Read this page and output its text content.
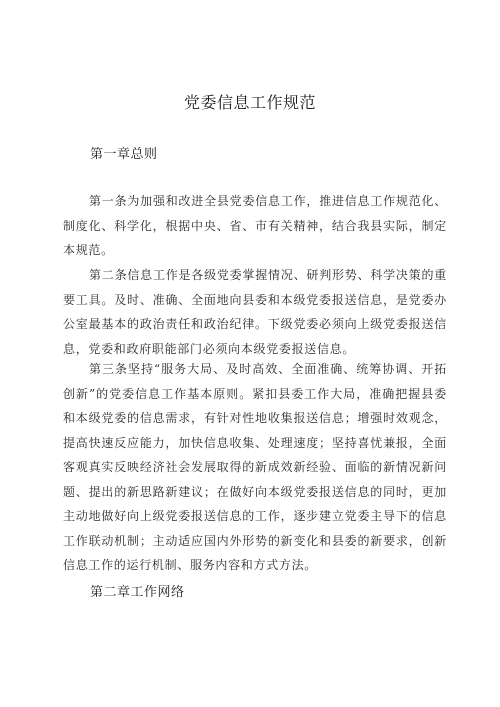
党委信息工作规范
第一章总则

第一条为加强和改进全县党委信息工作，推进信息工作规范化、制度化、科学化，根据中央、省、市有关精神，结合我县实际，制定本规范。

第二条信息工作是各级党委掌握情况、研判形势、科学决策的重要工具。及时、准确、全面地向县委和本级党委报送信息，是党委办公室最基本的政治责任和政治纪律。下级党委必须向上级党委报送信息，党委和政府职能部门必须向本级党委报送信息。

第三条坚持“服务大局、及时高效、全面准确、统筹协调、开拓创新”的党委信息工作基本原则。紧扣县委工作大局，准确把握县委和本级党委的信息需求，有针对性地收集报送信息；增强时效观念，提高快速反应能力，加快信息收集、处理速度；坚持喜忧兼报，全面客观真实反映经济社会发展取得的新成效新经验、面临的新情况新问题、提出的新思路新建议；在做好向本级党委报送信息的同时，更加主动地做好向上级党委报送信息的工作，逐步建立党委主导下的信息工作联动机制；主动适应国内外形势的新变化和县委的新要求，创新信息工作的运行机制、服务内容和方式方法。

第二章工作网络
